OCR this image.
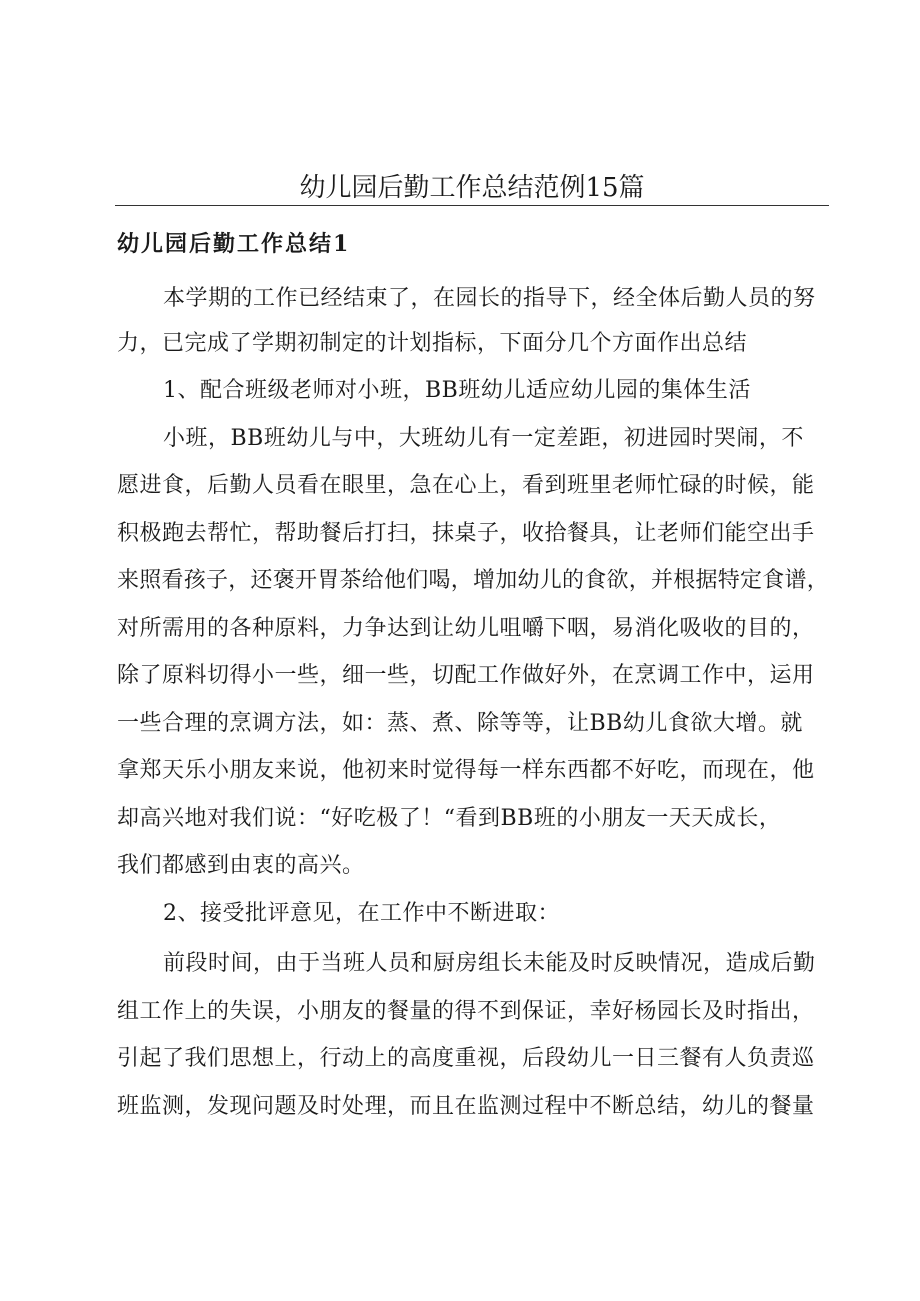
幼儿园后勤工作总结范例15篇
幼儿园后勤工作总结1

本学期的工作已经结束了，在园长的指导下，经全体后勤人员的努

力，已完成了学期初制定的计划指标，下面分几个方面作出总结

1、配合班级老师对小班，BB班幼儿适应幼儿园的集体生活

小班，BB班幼儿与中，大班幼儿有一定差距，初进园时哭闹，不

愿进食，后勤人员看在眼里，急在心上，看到班里老师忙碌的时候，能

积极跑去帮忙，帮助餐后打扫，抹桌子，收拾餐具，让老师们能空出手

来照看孩子，还褒开胃茶给他们喝，增加幼儿的食欲，并根据特定食谱，

对所需用的各种原料，力争达到让幼儿咀嚼下咽，易消化吸收的目的，

除了原料切得小一些，细一些，切配工作做好外，在烹调工作中，运用

一些合理的烹调方法，如：蒸、煮、除等等，让BB幼儿食欲大增。就

拿郑天乐小朋友来说，他初来时觉得每一样东西都不好吃，而现在，他

却高兴地对我们说：“好吃极了！“看到BB班的小朋友一天天成长，

我们都感到由衷的高兴。

2、接受批评意见，在工作中不断进取：

前段时间，由于当班人员和厨房组长未能及时反映情况，造成后勤

组工作上的失误，小朋友的餐量的得不到保证，幸好杨园长及时指出，

引起了我们思想上，行动上的高度重视，后段幼儿一日三餐有人负责巡

班监测，发现问题及时处理，而且在监测过程中不断总结，幼儿的餐量
